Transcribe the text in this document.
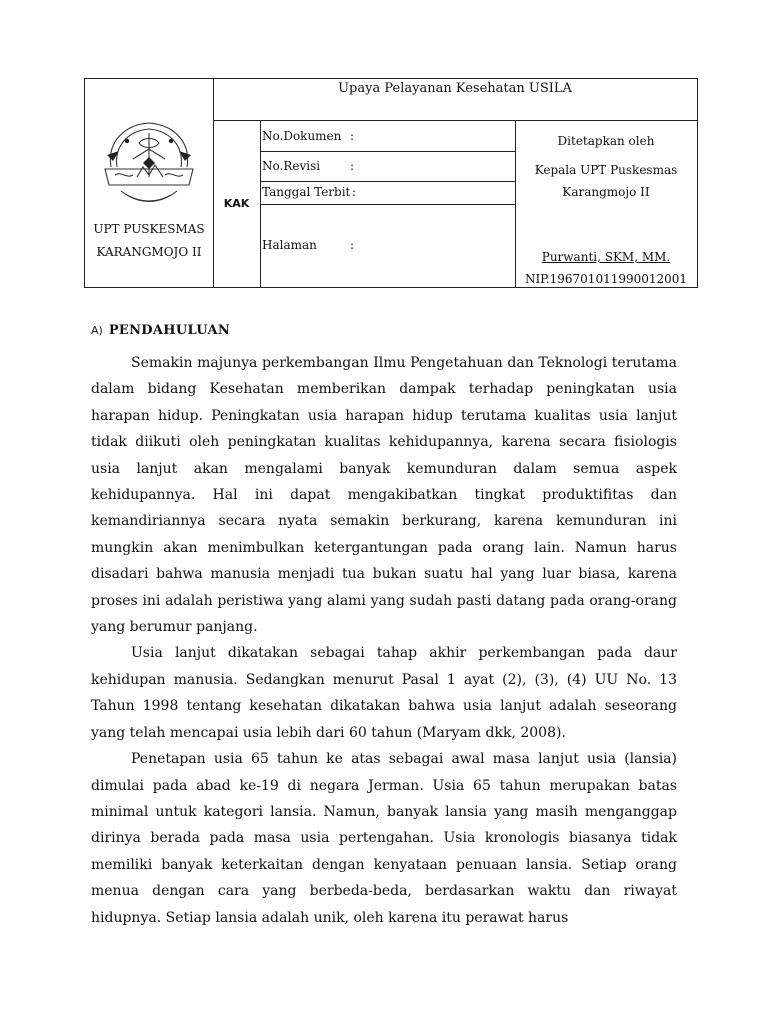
UPT PUSKESMAS
KARANGMOJO II
Upaya Pelayanan Kesehatan USILA
KAK
No.Dokumen :
No.Revisi :
Tanggal Terbit :
Halaman	:
Ditetapkan oleh
Kepala UPT Puskesmas
Karangmojo II
Purwanti, SKM, MM.
NIP.196701011990012001
A) PENDAHULUAN

Semakin majunya perkembangan Ilmu Pengetahuan dan Teknologi terutama dalam bidang Kesehatan memberikan dampak terhadap peningkatan usia harapan hidup. Peningkatan usia harapan hidup terutama kualitas usia lanjut tidak diikuti oleh peningkatan kualitas kehidupannya, karena secara fisiologis usia lanjut akan mengalami banyak kemunduran dalam semua aspek kehidupannya. Hal ini dapat mengakibatkan tingkat produktifitas dan kemandiriannya secara nyata semakin berkurang, karena kemunduran ini mungkin akan menimbulkan ketergantungan pada orang lain. Namun harus disadari bahwa manusia menjadi tua bukan suatu hal yang luar biasa, karena proses ini adalah peristiwa yang alami yang sudah pasti datang pada orang-orang yang berumur panjang.

Usia lanjut dikatakan sebagai tahap akhir perkembangan pada daur kehidupan manusia. Sedangkan menurut Pasal 1 ayat (2), (3), (4) UU No. 13 Tahun 1998 tentang kesehatan dikatakan bahwa usia lanjut adalah seseorang yang telah mencapai usia lebih dari 60 tahun (Maryam dkk, 2008).

Penetapan usia 65 tahun ke atas sebagai awal masa lanjut usia (lansia) dimulai pada abad ke-19 di negara Jerman. Usia 65 tahun merupakan batas minimal untuk kategori lansia. Namun, banyak lansia yang masih menganggap dirinya berada pada masa usia pertengahan. Usia kronologis biasanya tidak memiliki banyak keterkaitan dengan kenyataan penuaan lansia. Setiap orang menua dengan cara yang berbeda-beda, berdasarkan waktu dan riwayat hidupnya. Setiap lansia adalah unik, oleh karena itu perawat harus
